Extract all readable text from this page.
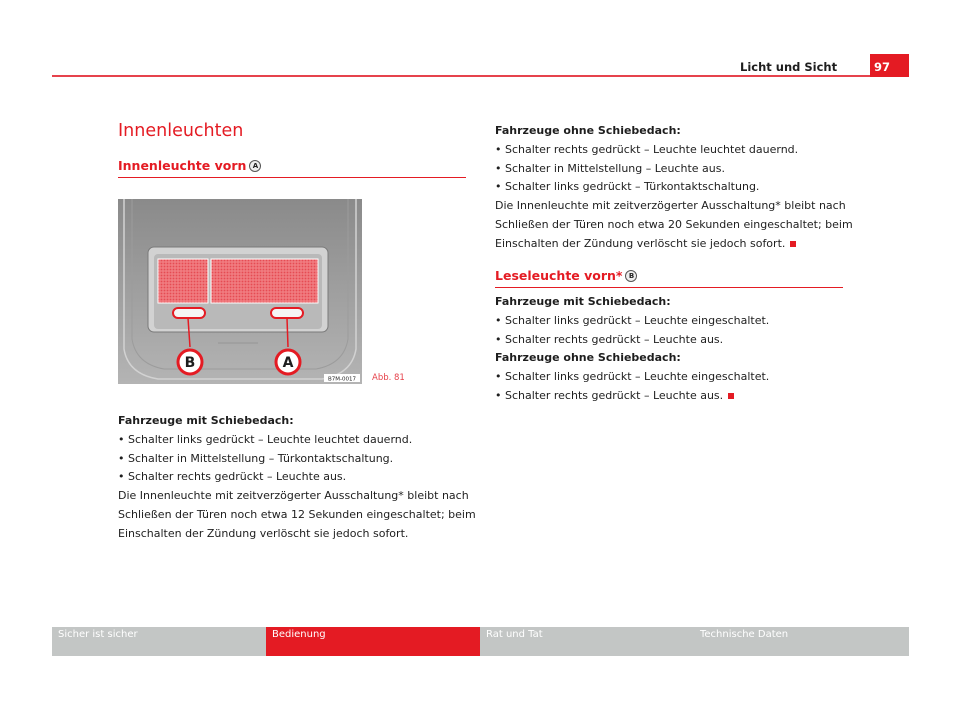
Licht und Sicht	97
Innenleuchten
Innenleuchte vorn A
B	A
B7M-0017 Abb. 81

Fahrzeuge mit Schiebedach:

• Schalter links gedrückt – Leuchte leuchtet dauernd.

• Schalter in Mittelstellung – Türkontaktschaltung.

• Schalter rechts gedrückt – Leuchte aus.

Die Innenleuchte mit zeitverzögerter Ausschaltung* bleibt nach

Schließen der Türen noch etwa 12 Sekunden eingeschaltet; beim

Einschalten der Zündung verlöscht sie jedoch sofort.

Fahrzeuge ohne Schiebedach:

• Schalter rechts gedrückt – Leuchte leuchtet dauernd.

• Schalter in Mittelstellung – Leuchte aus.

• Schalter links gedrückt – Türkontaktschaltung.

Die Innenleuchte mit zeitverzögerter Ausschaltung* bleibt nach

Schließen der Türen noch etwa 20 Sekunden eingeschaltet; beim

Einschalten der Zündung verlöscht sie jedoch sofort.

Leseleuchte vorn* B

Fahrzeuge mit Schiebedach:

• Schalter links gedrückt – Leuchte eingeschaltet.

• Schalter rechts gedrückt – Leuchte aus.

Fahrzeuge ohne Schiebedach:

• Schalter links gedrückt – Leuchte eingeschaltet.

• Schalter rechts gedrückt – Leuchte aus.

Sicher ist sicher	Bedienung	Rat und Tat	Technische Daten
